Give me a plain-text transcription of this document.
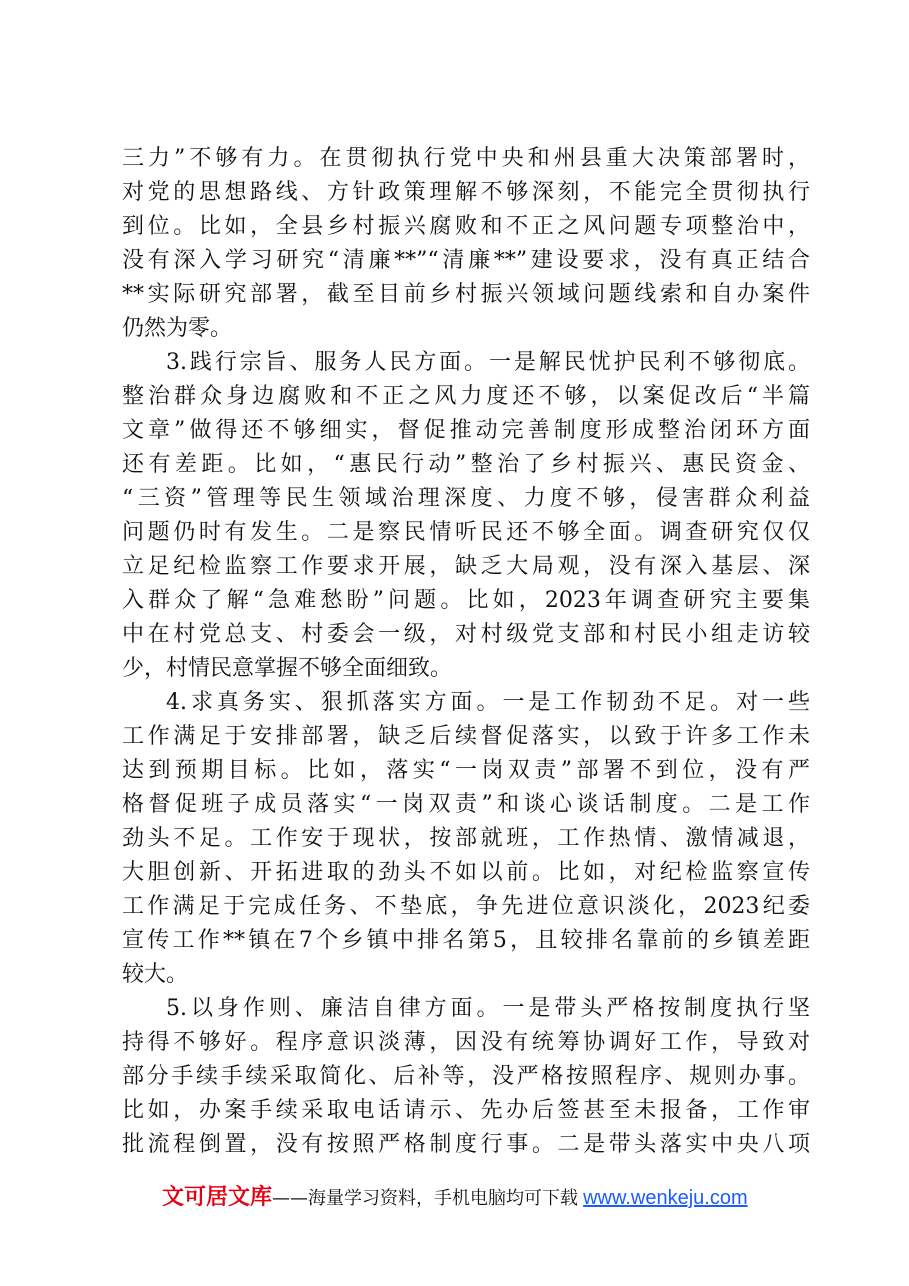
三力”不够有力。在贯彻执行党中央和州县重大决策部署时，
对党的思想路线、方针政策理解不够深刻，不能完全贯彻执行
到位。比如，全县乡村振兴腐败和不正之风问题专项整治中，
没有深入学习研究“清廉**”“清廉**”建设要求，没有真正结合
**实际研究部署，截至目前乡村振兴领域问题线索和自办案件
仍然为零。
3.践行宗旨、服务人民方面。一是解民忧护民利不够彻底。
整治群众身边腐败和不正之风力度还不够，以案促改后“半篇
文章”做得还不够细实，督促推动完善制度形成整治闭环方面
还有差距。比如，“惠民行动”整治了乡村振兴、惠民资金、
“三资”管理等民生领域治理深度、力度不够，侵害群众利益
问题仍时有发生。二是察民情听民还不够全面。调查研究仅仅
立足纪检监察工作要求开展，缺乏大局观，没有深入基层、深
入群众了解“急难愁盼”问题。比如，2023年调查研究主要集
中在村党总支、村委会一级，对村级党支部和村民小组走访较
少，村情民意掌握不够全面细致。
4.求真务实、狠抓落实方面。一是工作韧劲不足。对一些
工作满足于安排部署，缺乏后续督促落实，以致于许多工作未
达到预期目标。比如，落实“一岗双责”部署不到位，没有严
格督促班子成员落实“一岗双责”和谈心谈话制度。二是工作
劲头不足。工作安于现状，按部就班，工作热情、激情减退，
大胆创新、开拓进取的劲头不如以前。比如，对纪检监察宣传
工作满足于完成任务、不垫底，争先进位意识淡化，2023纪委
宣传工作**镇在7个乡镇中排名第5，且较排名靠前的乡镇差距
较大。
5.以身作则、廉洁自律方面。一是带头严格按制度执行坚
持得不够好。程序意识淡薄，因没有统筹协调好工作，导致对
部分手续手续采取简化、后补等，没严格按照程序、规则办事。
比如，办案手续采取电话请示、先办后签甚至未报备，工作审
批流程倒置，没有按照严格制度行事。二是带头落实中央八项
文可居文库——海量学习资料，手机电脑均可下载 www.wenkeju.com
